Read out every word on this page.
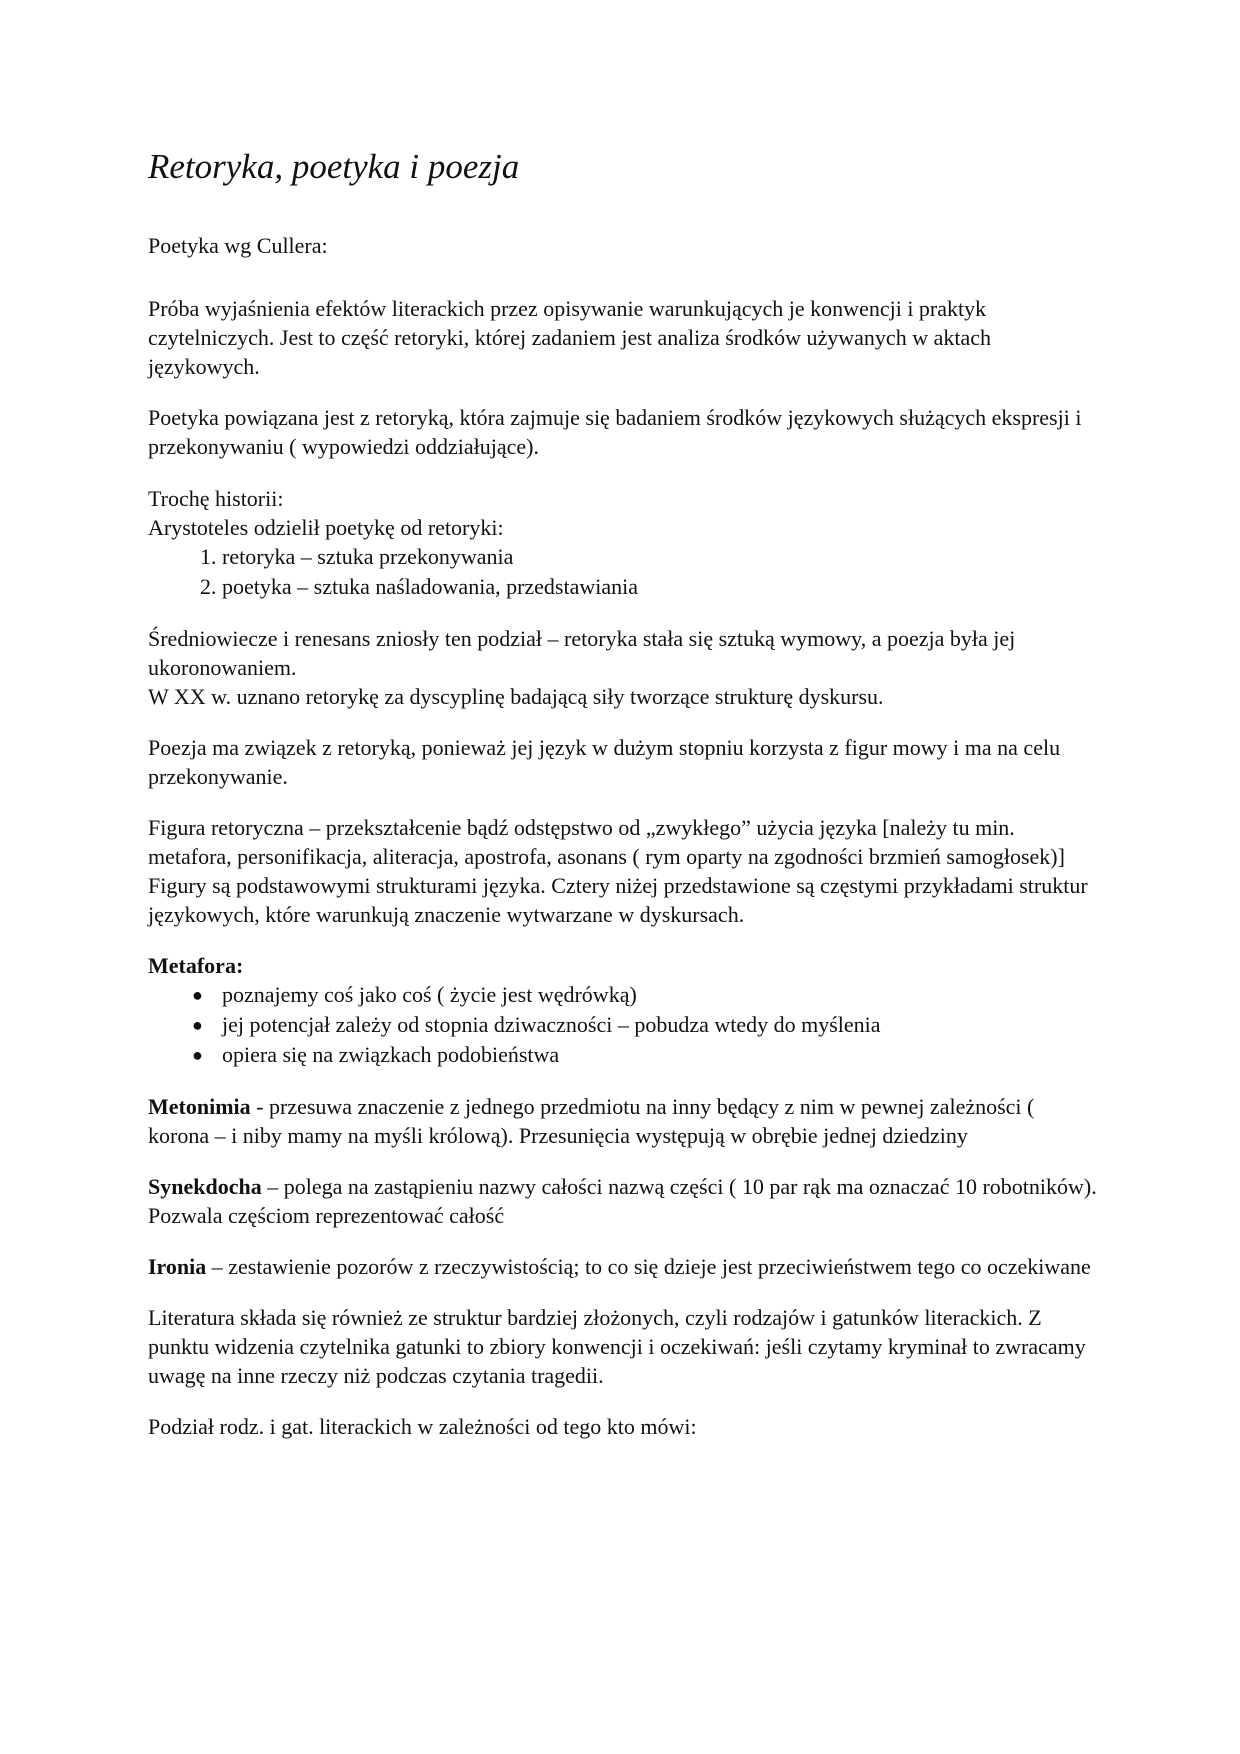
Retoryka, poetyka i poezja

Poetyka wg Cullera:

Próba wyjaśnienia efektów literackich przez opisywanie warunkujących je konwencji i praktyk czytelniczych. Jest to część retoryki, której zadaniem jest analiza środków używanych w aktach językowych.

Poetyka powiązana jest z retoryką, która zajmuje się badaniem środków językowych służących ekspresji i przekonywaniu ( wypowiedzi oddziałujące).

Trochę historii:

Arystoteles odzielił poetykę od retoryki:

1. retoryka – sztuka przekonywania
2. poetyka – sztuka naśladowania, przedstawiania

Średniowiecze i renesans zniosły ten podział – retoryka stała się sztuką wymowy, a poezja była jej ukoronowaniem.

W XX w. uznano retorykę za dyscyplinę badającą siły tworzące strukturę dyskursu.

Poezja ma związek z retoryką, ponieważ jej język w dużym stopniu korzysta z figur mowy i ma na celu przekonywanie.

Figura retoryczna – przekształcenie bądź odstępstwo od „zwykłego” użycia języka [należy tu min. metafora, personifikacja, aliteracja, apostrofa, asonans ( rym oparty na zgodności brzmień samogłosek)]

Figury są podstawowymi strukturami języka. Cztery niżej przedstawione są częstymi przykładami struktur językowych, które warunkują znaczenie wytwarzane w dyskursach.

Metafora:

● poznajemy coś jako coś ( życie jest wędrówką)
● jej potencjał zależy od stopnia dziwaczności – pobudza wtedy do myślenia
● opiera się na związkach podobieństwa

Metonimia - przesuwa znaczenie z jednego przedmiotu na inny będący z nim w pewnej zależności ( korona – i niby mamy na myśli królową). Przesunięcia występują w obrębie jednej dziedziny

Synekdocha – polega na zastąpieniu nazwy całości nazwą części ( 10 par rąk ma oznaczać 10 robotników). Pozwala częściom reprezentować całość

Ironia – zestawienie pozorów z rzeczywistością; to co się dzieje jest przeciwieństwem tego co oczekiwane

Literatura składa się również ze struktur bardziej złożonych, czyli rodzajów i gatunków literackich. Z punktu widzenia czytelnika gatunki to zbiory konwencji i oczekiwań: jeśli czytamy kryminał to zwracamy uwagę na inne rzeczy niż podczas czytania tragedii.

Podział rodz. i gat. literackich w zależności od tego kto mówi:
